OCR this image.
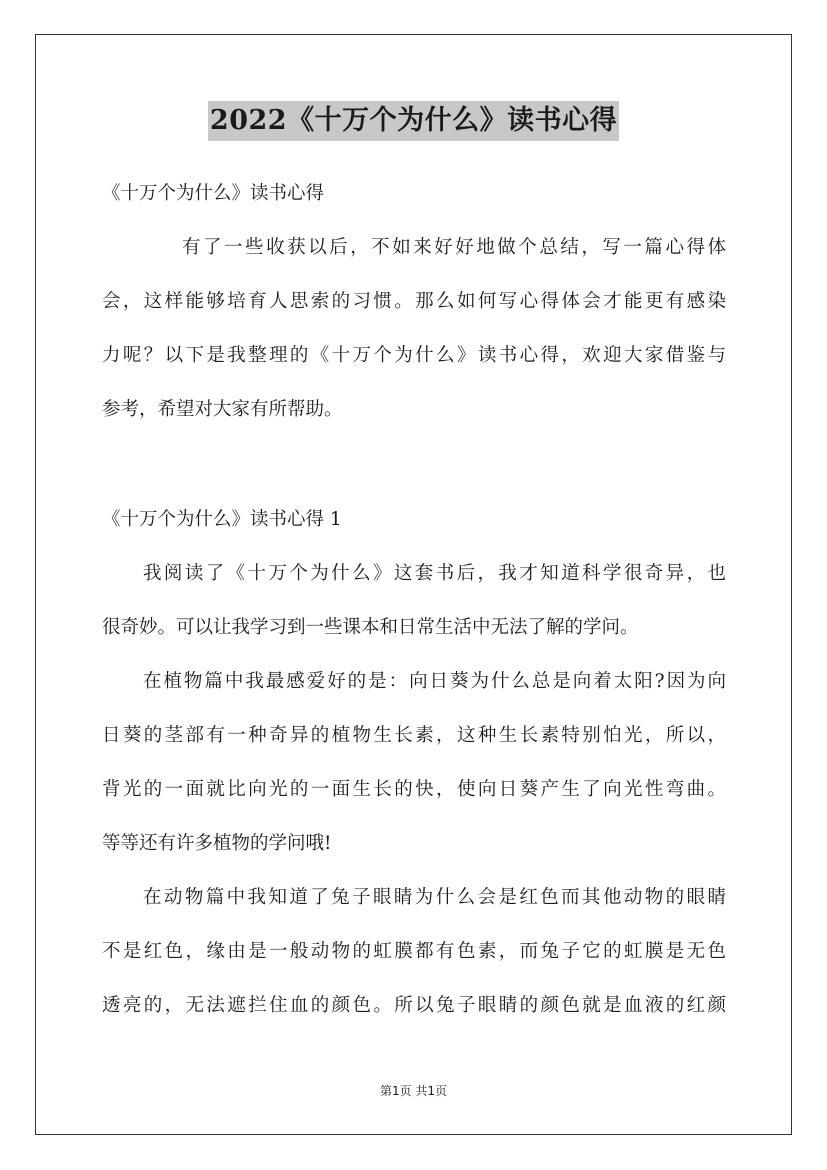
2022《十万个为什么》读书心得
《十万个为什么》读书心得
有了一些收获以后，不如来好好地做个总结，写一篇心得体
会，这样能够培育人思索的习惯。那么如何写心得体会才能更有感染
力呢？以下是我整理的《十万个为什么》读书心得，欢迎大家借鉴与
参考，希望对大家有所帮助。
《十万个为什么》读书心得 1
我阅读了《十万个为什么》这套书后，我才知道科学很奇异，也
很奇妙。可以让我学习到一些课本和日常生活中无法了解的学问。
在植物篇中我最感爱好的是：向日葵为什么总是向着太阳?因为向
日葵的茎部有一种奇异的植物生长素，这种生长素特别怕光，所以，
背光的一面就比向光的一面生长的快，使向日葵产生了向光性弯曲。
等等还有许多植物的学问哦!
在动物篇中我知道了兔子眼睛为什么会是红色而其他动物的眼睛
不是红色，缘由是一般动物的虹膜都有色素，而兔子它的虹膜是无色
透亮的，无法遮拦住血的颜色。所以兔子眼睛的颜色就是血液的红颜
第1页 共1页
